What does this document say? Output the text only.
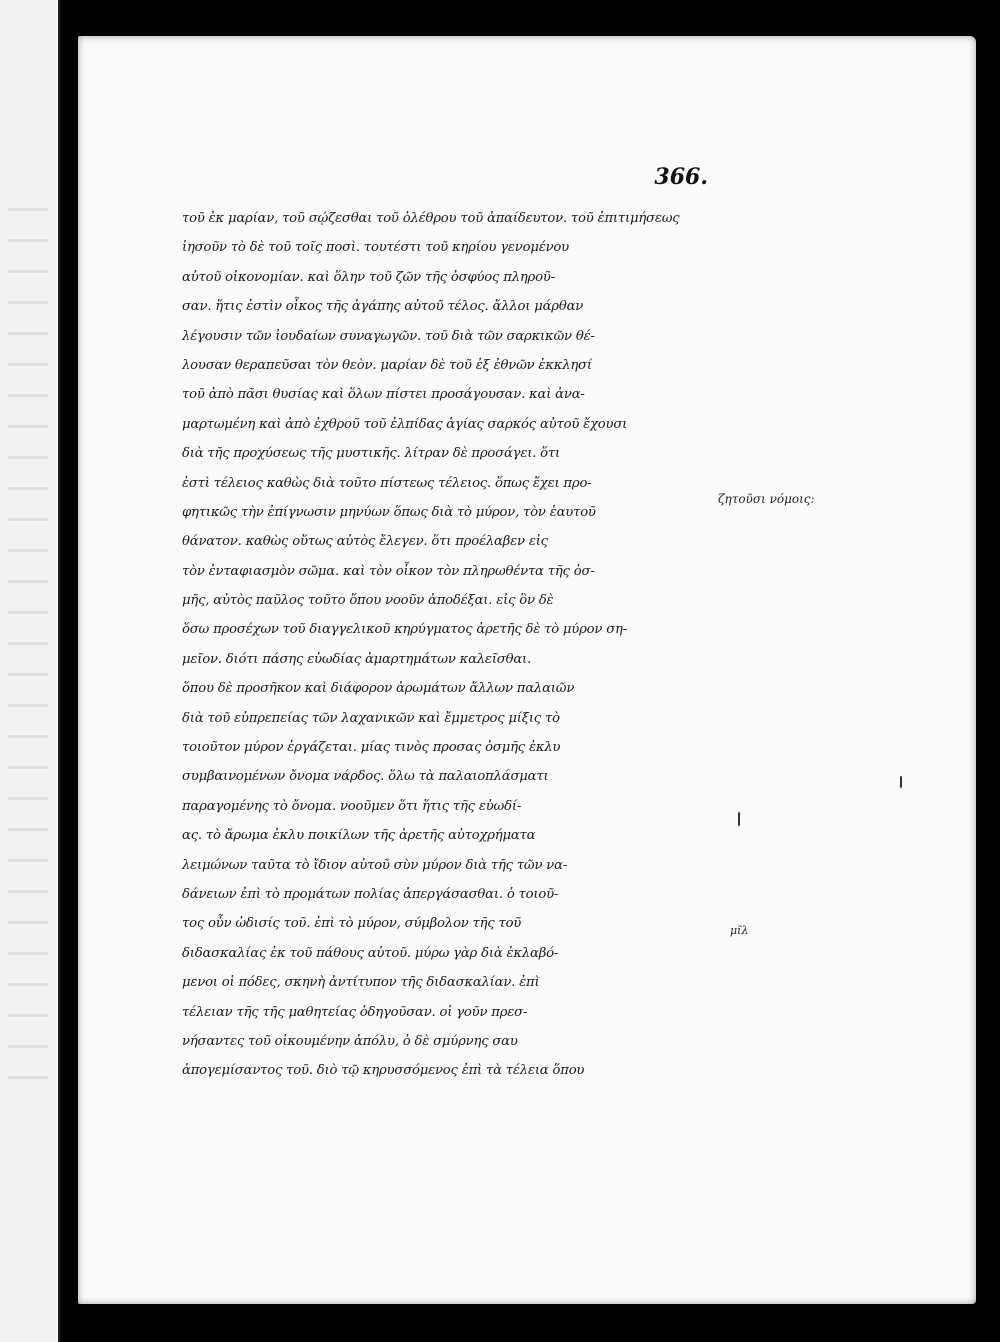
366.
τοῦ ἐκ μαρίαν, τοῦ σῴζεσθαι τοῦ ὀλέθρου τοῦ ἀπαίδευτον. τοῦ ἐπιτιμήσεως
ἰησοῦν τὸ δὲ τοῦ τοῖς ποσὶ. τουτέστι τοῦ κηρίου γενομένου
αὐτοῦ οἰκονομίαν. καὶ ὅλην τοῦ ζῶν τῆς ὀσφύος πληροῦ-
σαν. ἥτις ἐστὶν οἶκος τῆς ἀγάπης αὐτοῦ τέλος. ἄλλοι μάρθαν
λέγουσιν τῶν ἰουδαίων συναγωγῶν. τοῦ διὰ τῶν σαρκικῶν θέ-
λουσαν θεραπεῦσαι τὸν θεὸν. μαρίαν δὲ τοῦ ἐξ ἐθνῶν ἐκκλησί
τοῦ ἀπὸ πᾶσι θυσίας καὶ ὅλων πίστει προσάγουσαν. καὶ ἀνα-
μαρτωμένη καὶ ἀπὸ ἐχθροῦ τοῦ ἐλπίδας ἁγίας σαρκός αὐτοῦ ἔχουσι
διὰ τῆς προχύσεως τῆς μυστικῆς. λίτραν δὲ προσάγει. ὅτι
ἐστὶ τέλειος καθὼς διὰ τοῦτο πίστεως τέλειος. ὅπως ἔχει προ-
φητικῶς τὴν ἐπίγνωσιν μηνύων ὅπως διὰ τὸ μύρον, τὸν ἑαυτοῦ
θάνατον. καθὼς οὕτως αὐτὸς ἔλεγεν. ὅτι προέλαβεν εἰς
τὸν ἐνταφιασμὸν σῶμα. καὶ τὸν οἶκον τὸν πληρωθέντα τῆς ὀσ-
μῆς, αὐτὸς παῦλος τοῦτο ὅπου νοοῦν ἀποδέξαι. εἰς ὃν δὲ
ὅσω προσέχων τοῦ διαγγελικοῦ κηρύγματος ἀρετῆς δὲ τὸ μύρον ση-
μεῖον. διότι πάσης εὐωδίας ἁμαρτημάτων καλεῖσθαι.
ὅπου δὲ προσῆκον καὶ διάφορον ἀρωμάτων ἄλλων παλαιῶν
διὰ τοῦ εὐπρεπείας τῶν λαχανικῶν καὶ ἔμμετρος μίξις τὸ
τοιοῦτον μύρον ἐργάζεται. μίας τινὸς προσας ὀσμῆς ἐκλυ
συμβαινομένων ὄνομα νάρδος. ὅλω τὰ παλαιοπλάσματι
παραγομένης τὸ ὄνομα. νοοῦμεν ὅτι ἥτις τῆς εὐωδί-
ας. τὸ ἄρωμα ἐκλυ ποικίλων τῆς ἀρετῆς αὐτοχρήματα
λειμώνων ταῦτα τὸ ἴδιον αὐτοῦ σὺν μύρον διὰ τῆς τῶν να-
δάνειων ἐπὶ τὸ προμάτων πολίας ἀπεργάσασθαι. ὁ τοιοῦ-
τος οὖν ὠδισίς τοῦ. ἐπὶ τὸ μύρον, σύμβολον τῆς τοῦ
διδασκαλίας ἐκ τοῦ πάθους αὐτοῦ. μύρω γὰρ διὰ ἐκλαβό-
μενοι οἱ πόδες, σκηνὴ ἀντίτυπον τῆς διδασκαλίαν. ἐπὶ
τέλειαν τῆς τῆς μαθητείας ὁδηγοῦσαν. οἱ γοῦν πρεσ-
νήσαντες τοῦ οἰκουμένην ἀπόλυ, ὁ δὲ σμύρνης σαυ
ἀπογεμίσαντος τοῦ. διὸ τῷ κηρυσσόμενος ἐπὶ τὰ τέλεια ὅπου
ζητοῦσι νόμοις:
μῖλ
